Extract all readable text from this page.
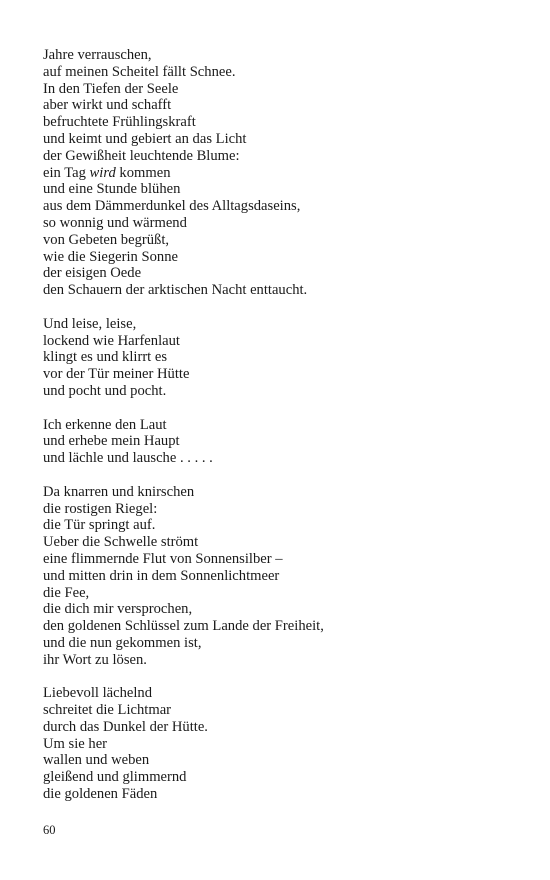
Jahre verrauschen,
auf meinen Scheitel fällt Schnee.
In den Tiefen der Seele
aber wirkt und schafft
befruchtete Frühlingskraft
und keimt und gebiert an das Licht
der Gewißheit leuchtende Blume:
ein Tag wird kommen
und eine Stunde blühen
aus dem Dämmerdunkel des Alltagsdaseins,
so wonnig und wärmend
von Gebeten begrüßt,
wie die Siegerin Sonne
der eisigen Oede
den Schauern der arktischen Nacht enttaucht.
Und leise, leise,
lockend wie Harfenlaut
klingt es und klirrt es
vor der Tür meiner Hütte
und pocht und pocht.
Ich erkenne den Laut
und erhebe mein Haupt
und lächle und lausche . . . . .
Da knarren und knirschen
die rostigen Riegel:
die Tür springt auf.
Ueber die Schwelle strömt
eine flimmernde Flut von Sonnensilber –
und mitten drin in dem Sonnenlichtmeer
die Fee,
die dich mir versprochen,
den goldenen Schlüssel zum Lande der Freiheit,
und die nun gekommen ist,
ihr Wort zu lösen.
Liebevoll lächelnd
schreitet die Lichtmar
durch das Dunkel der Hütte.
Um sie her
wallen und weben
gleißend und glimmernd
die goldenen Fäden
60
